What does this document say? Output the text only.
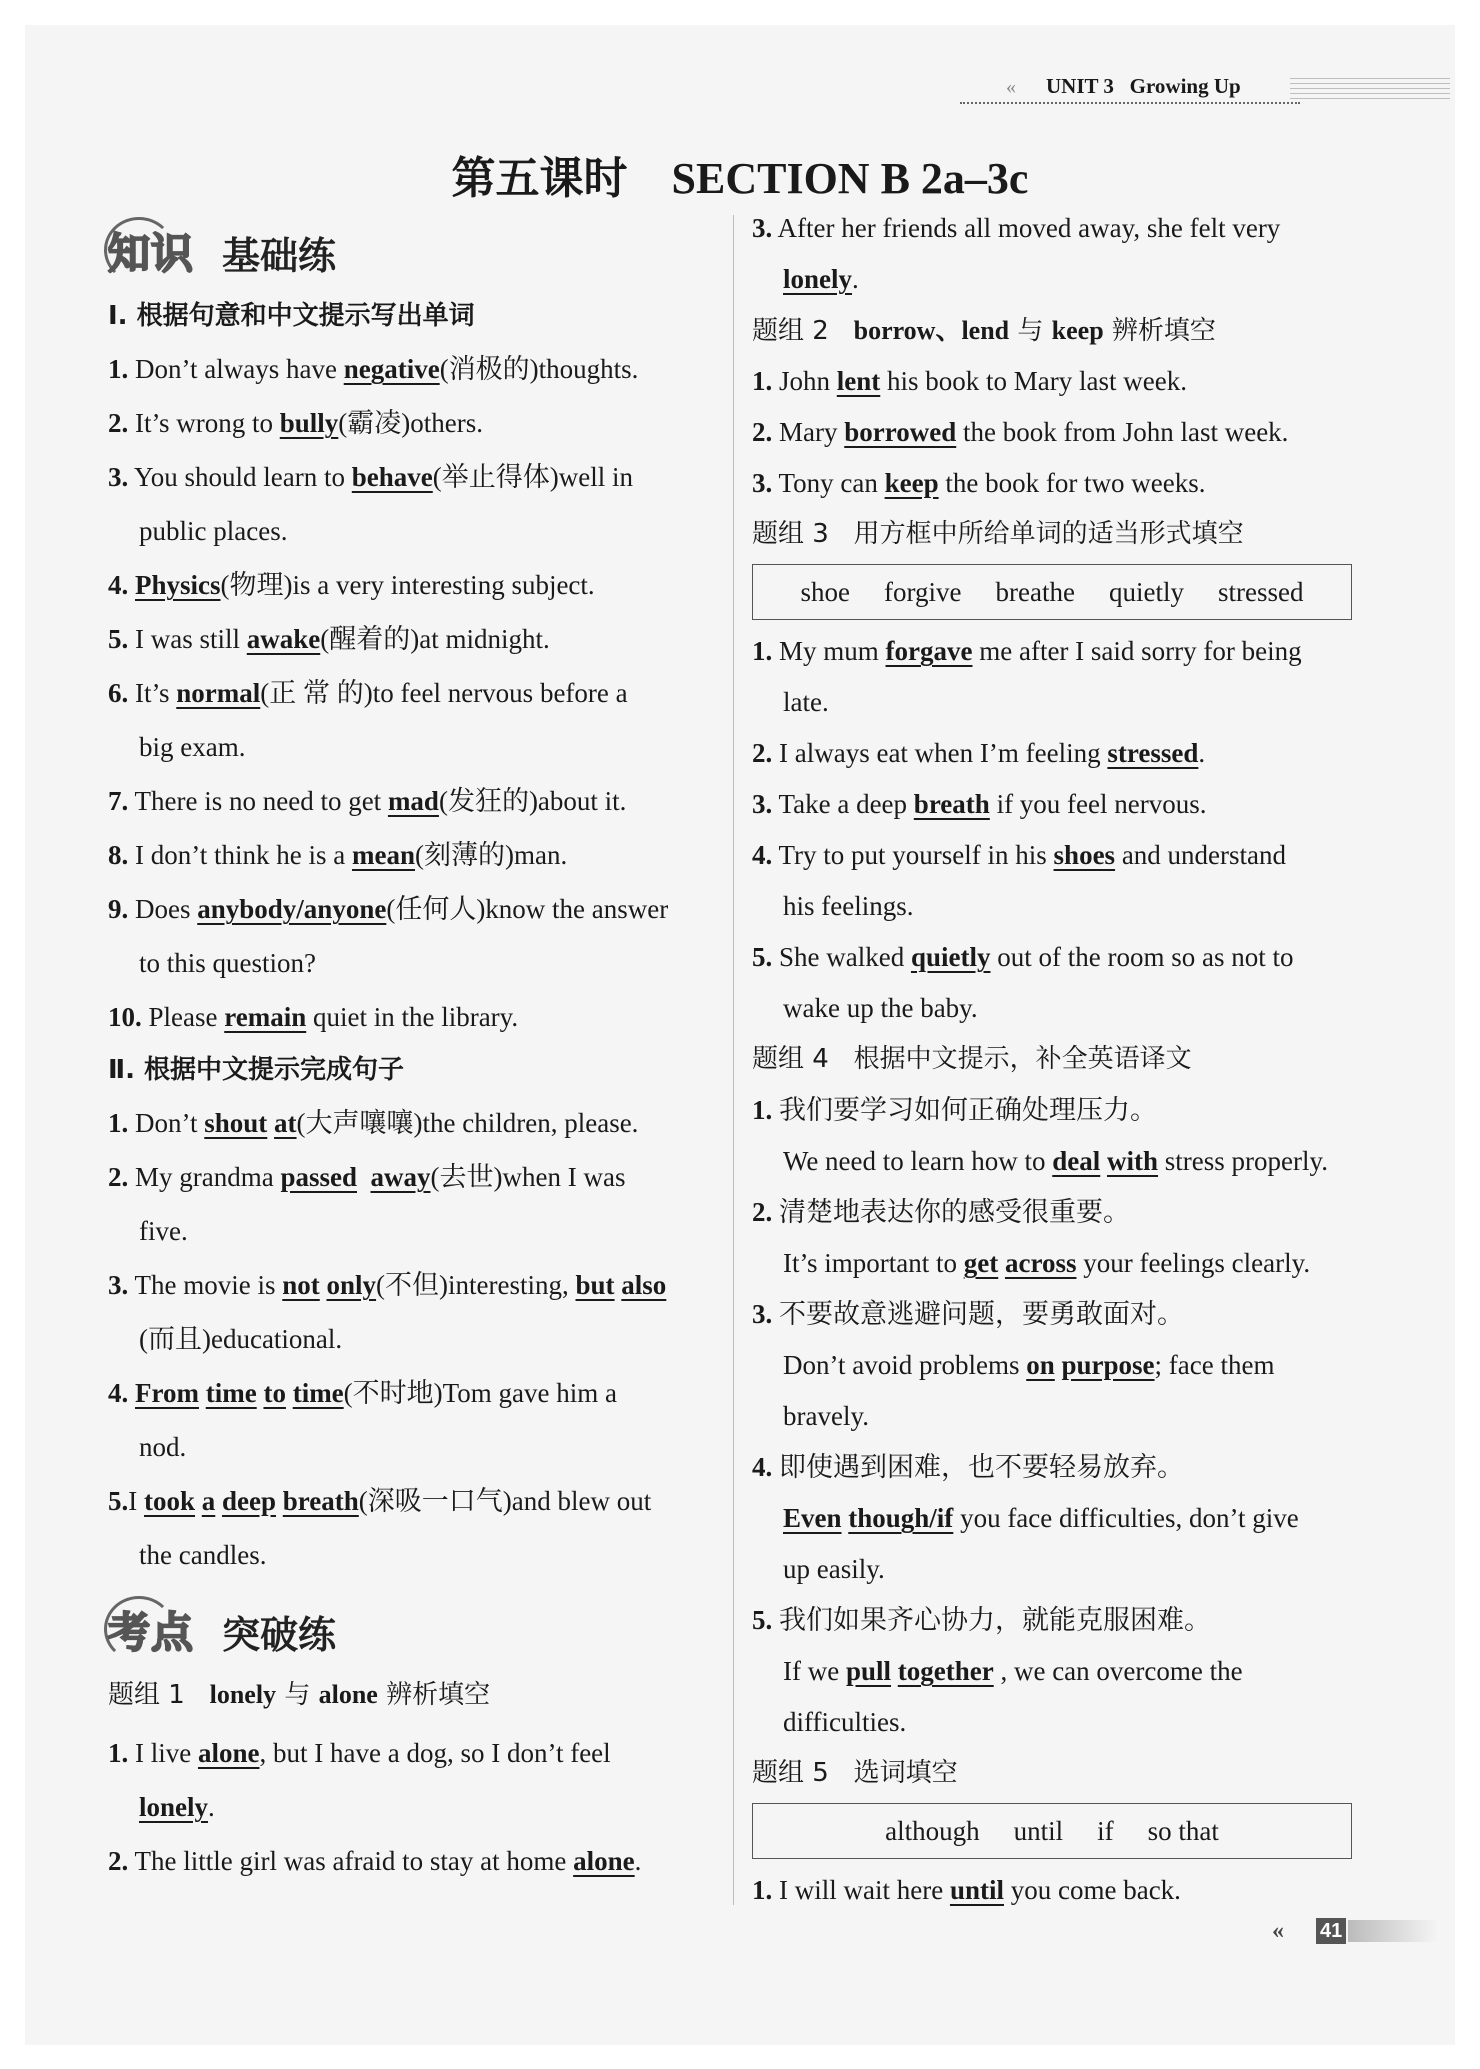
« UNIT 3 Growing Up
第五课时　SECTION B 2a–3c
知识 基础练
Ⅰ. 根据句意和中文提示写出单词
1. Don’t always have negative(消极的)thoughts.
2. It’s wrong to bully(霸凌)others.
3. You should learn to behave(举止得体)well in
public places.
4. Physics(物理)is a very interesting subject.
5. I was still awake(醒着的)at midnight.
6. It’s normal(正 常 的)to feel nervous before a
big exam.
7. There is no need to get mad(发狂的)about it.
8. I don’t think he is a mean(刻薄的)man.
9. Does anybody/anyone(任何人)know the answer
to this question?
10. Please remain quiet in the library.
Ⅱ. 根据中文提示完成句子
1. Don’t shout at(大声嚷嚷)the children, please.
2. My grandma passed away(去世)when I was
five.
3. The movie is not only(不但)interesting, but also
(而且)educational.
4. From time to time(不时地)Tom gave him a
nod.
5.I took a deep breath(深吸一口气)and blew out
the candles.
考点 突破练
题组 1 lonely 与 alone 辨析填空
1. I live alone, but I have a dog, so I don’t feel
lonely.
2. The little girl was afraid to stay at home alone.
3. After her friends all moved away, she felt very
lonely.
题组 2 borrow、lend 与 keep 辨析填空
1. John lent his book to Mary last week.
2. Mary borrowed the book from John last week.
3. Tony can keep the book for two weeks.
题组 3 用方框中所给单词的适当形式填空
shoe	forgive	breathe	quietly	stressed
1. My mum forgave me after I said sorry for being
late.
2. I always eat when I’m feeling stressed.
3. Take a deep breath if you feel nervous.
4. Try to put yourself in his shoes and understand
his feelings.
5. She walked quietly out of the room so as not to
wake up the baby.
题组 4 根据中文提示，补全英语译文
1. 我们要学习如何正确处理压力。
We need to learn how to deal with stress properly.
2. 清楚地表达你的感受很重要。
It’s important to get across your feelings clearly.
3. 不要故意逃避问题，要勇敢面对。
Don’t avoid problems on purpose; face them
bravely.
4. 即使遇到困难，也不要轻易放弃。
Even though/if you face difficulties, don’t give
up easily.
5. 我们如果齐心协力，就能克服困难。
If we pull together , we can overcome the
difficulties.
题组 5 选词填空
although	until	if	so that
1. I will wait here until you come back.
« 41
